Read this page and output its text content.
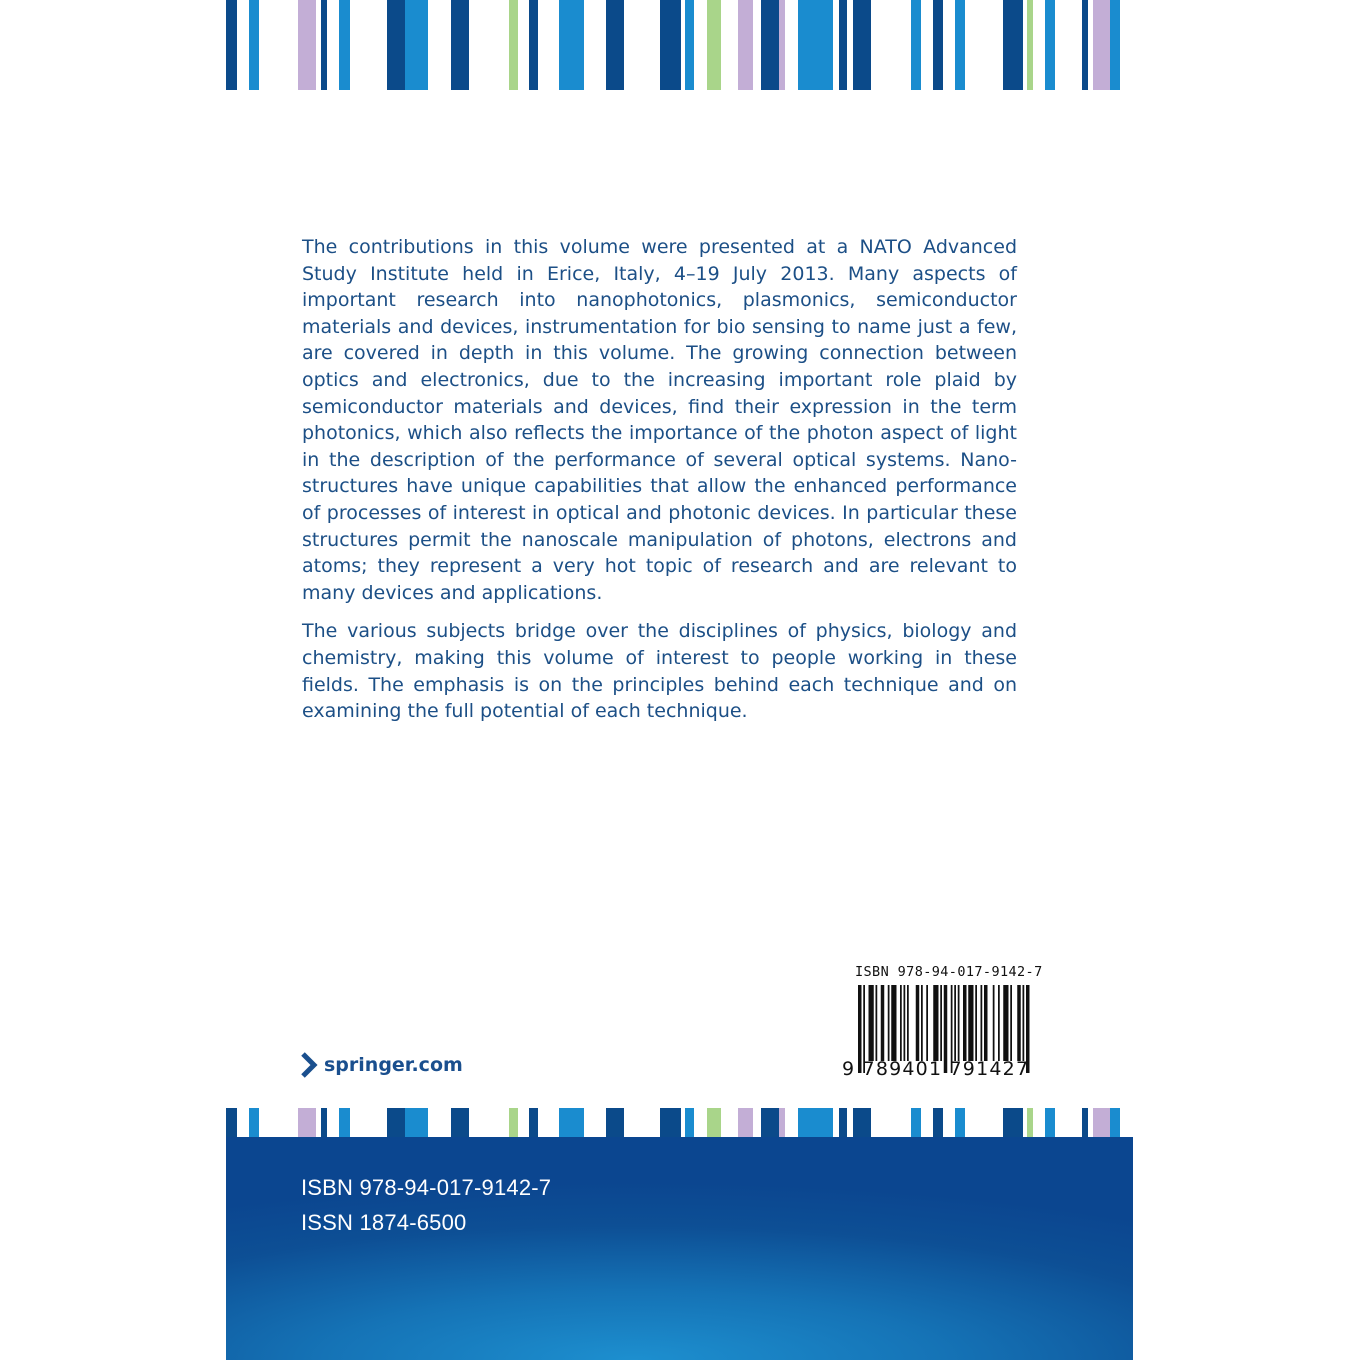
The contributions in this volume were presented at a NATO Advanced Study Institute held in Erice, Italy, 4–19 July 2013. Many aspects of important research into nanophotonics, plasmonics, semiconductor materials and devices, instrumentation for bio sensing to name just a few, are covered in depth in this volume. The growing connection between optics and electronics, due to the increasing important role plaid by semiconductor materials and devices, find their expression in the term photonics, which also reflects the importance of the photon aspect of light in the description of the performance of several optical systems. Nano-structures have unique capabilities that allow the enhanced performance of processes of interest in optical and photonic devices. In particular these structures permit the nanoscale manipulation of photons, electrons and atoms; they represent a very hot topic of research and are relevant to many devices and applications.

The various subjects bridge over the disciplines of physics, biology and chemistry, making this volume of interest to people working in these fields. The emphasis is on the principles behind each technique and on examining the full potential of each technique.

springer.com
ISBN 978-94-017-9142-7
9 789401 791427
ISBN 978-94-017-9142-7
ISSN 1874-6500
